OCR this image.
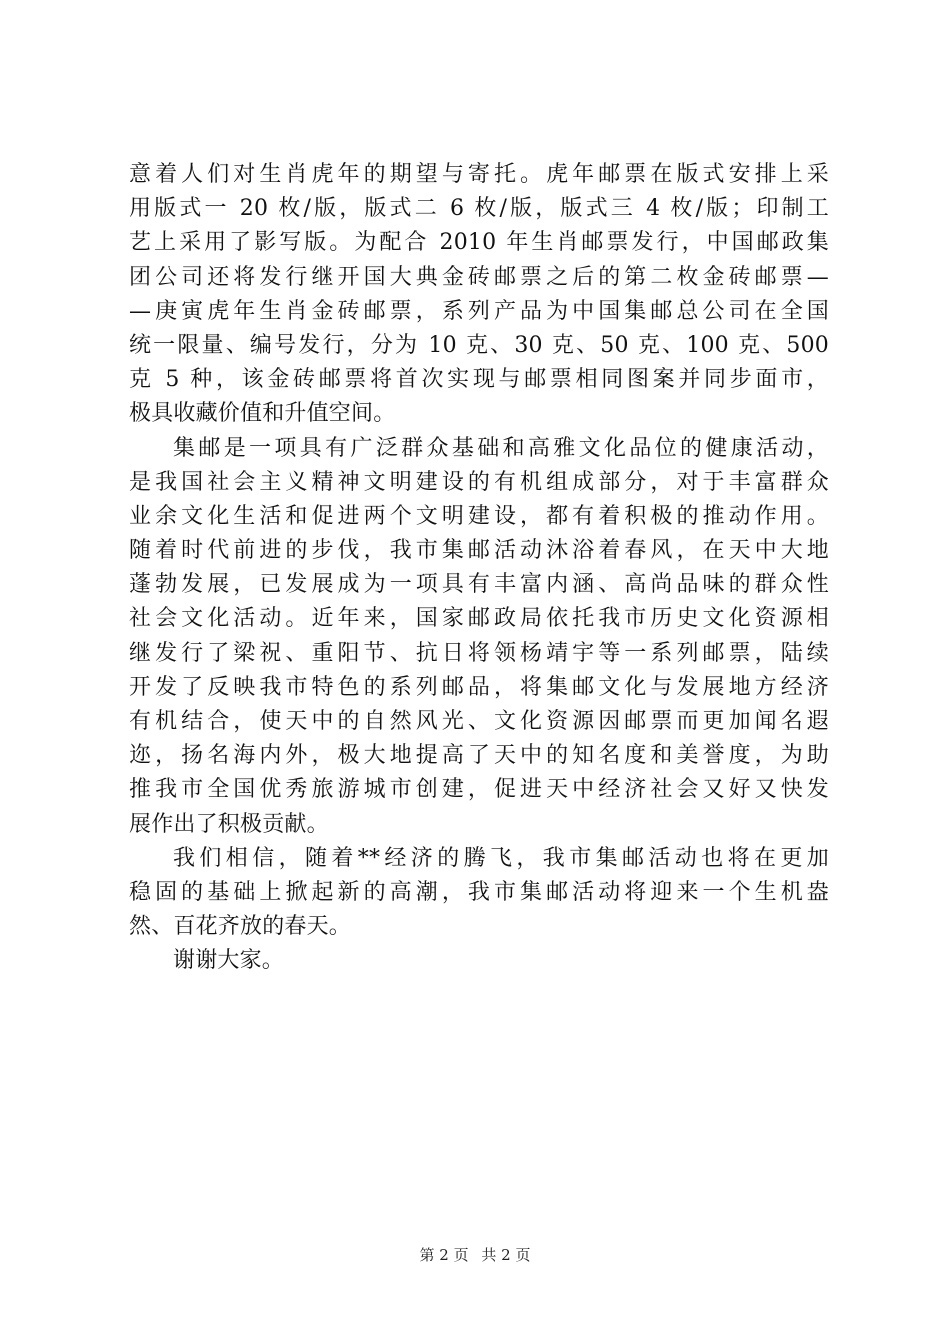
意着人们对生肖虎年的期望与寄托。虎年邮票在版式安排上采
用版式一 20 枚/版，版式二 6 枚/版，版式三 4 枚/版；印制工
艺上采用了影写版。为配合 2010 年生肖邮票发行，中国邮政集
团公司还将发行继开国大典金砖邮票之后的第二枚金砖邮票—
—庚寅虎年生肖金砖邮票，系列产品为中国集邮总公司在全国
统一限量、编号发行，分为 10 克、30 克、50 克、100 克、500
克 5 种，该金砖邮票将首次实现与邮票相同图案并同步面市，
极具收藏价值和升值空间。
集邮是一项具有广泛群众基础和高雅文化品位的健康活动，
是我国社会主义精神文明建设的有机组成部分，对于丰富群众
业余文化生活和促进两个文明建设，都有着积极的推动作用。
随着时代前进的步伐，我市集邮活动沐浴着春风，在天中大地
蓬勃发展，已发展成为一项具有丰富内涵、高尚品味的群众性
社会文化活动。近年来，国家邮政局依托我市历史文化资源相
继发行了梁祝、重阳节、抗日将领杨靖宇等一系列邮票，陆续
开发了反映我市特色的系列邮品，将集邮文化与发展地方经济
有机结合，使天中的自然风光、文化资源因邮票而更加闻名遐
迩，扬名海内外，极大地提高了天中的知名度和美誉度，为助
推我市全国优秀旅游城市创建，促进天中经济社会又好又快发
展作出了积极贡献。
我们相信，随着**经济的腾飞，我市集邮活动也将在更加
稳固的基础上掀起新的高潮，我市集邮活动将迎来一个生机盎
然、百花齐放的春天。
谢谢大家。
第 2 页 共 2 页
